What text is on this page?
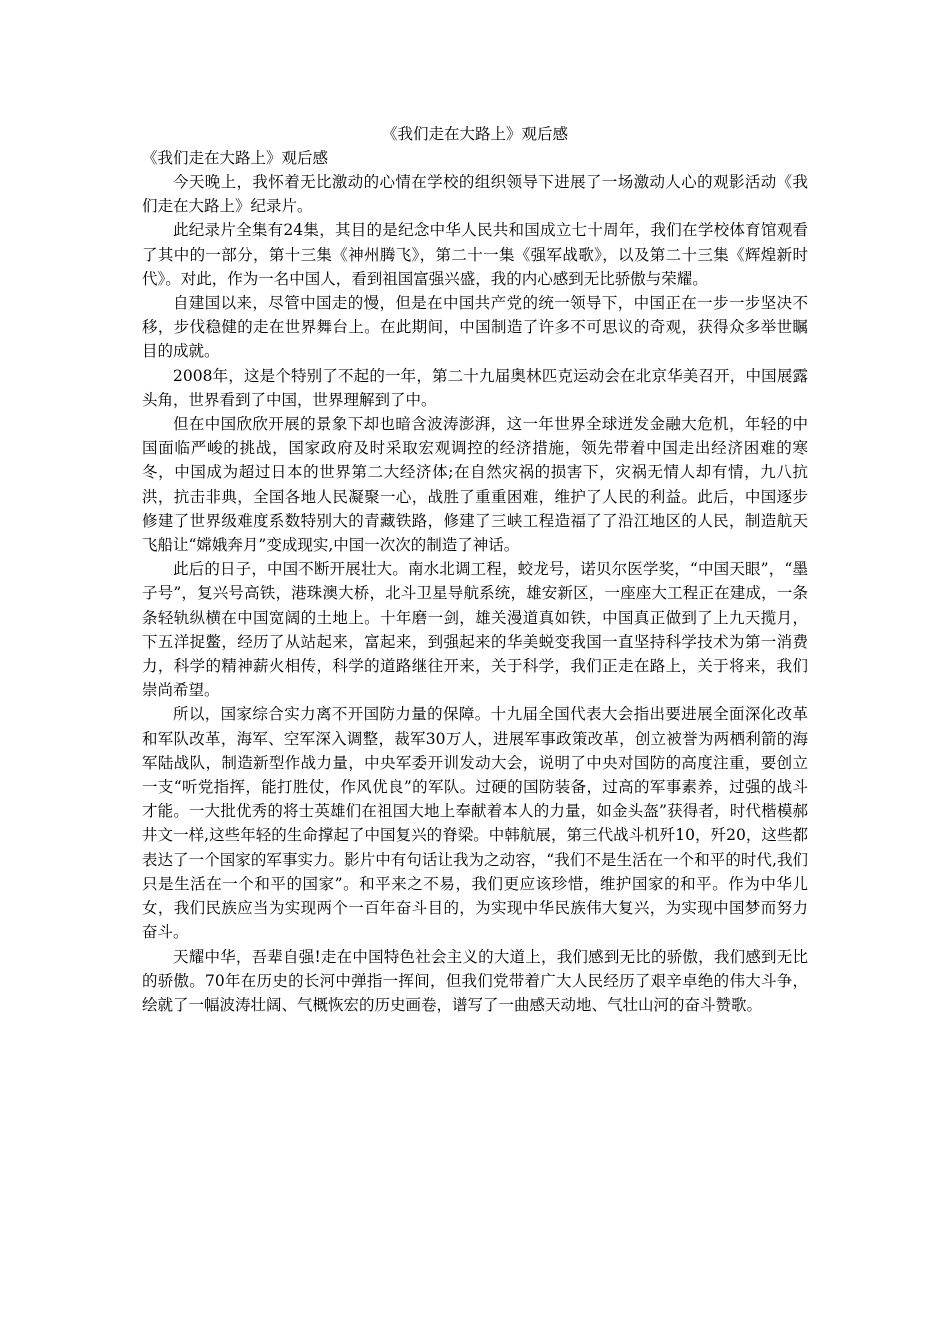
《我们走在大路上》观后感

《我们走在大路上》观后感

今天晚上，我怀着无比激动的心情在学校的组织领导下进展了一场激动人心的观影活动《我们走在大路上》纪录片。

此纪录片全集有24集，其目的是纪念中华人民共和国成立七十周年，我们在学校体育馆观看了其中的一部分，第十三集《神州腾飞》，第二十一集《强军战歌》，以及第二十三集《辉煌新时代》。对此，作为一名中国人，看到祖国富强兴盛，我的内心感到无比骄傲与荣耀。

自建国以来，尽管中国走的慢，但是在中国共产党的统一领导下，中国正在一步一步坚决不移，步伐稳健的走在世界舞台上。在此期间，中国制造了许多不可思议的奇观，获得众多举世瞩目的成就。

2008年，这是个特别了不起的一年，第二十九届奥林匹克运动会在北京华美召开，中国展露头角，世界看到了中国，世界理解到了中。

但在中国欣欣开展的景象下却也暗含波涛澎湃，这一年世界全球迸发金融大危机，年轻的中国面临严峻的挑战，国家政府及时采取宏观调控的经济措施，领先带着中国走出经济困难的寒冬，中国成为超过日本的世界第二大经济体;在自然灾祸的损害下，灾祸无情人却有情，九八抗洪，抗击非典，全国各地人民凝聚一心，战胜了重重困难，维护了人民的利益。此后，中国逐步修建了世界级难度系数特别大的青藏铁路，修建了三峡工程造福了了沿江地区的人民，制造航天飞船让“嫦娥奔月”变成现实,中国一次次的制造了神话。

此后的日子，中国不断开展壮大。南水北调工程，蛟龙号，诺贝尔医学奖，“中国天眼”，“墨子号”，复兴号高铁，港珠澳大桥，北斗卫星导航系统，雄安新区，一座座大工程正在建成，一条条轻轨纵横在中国宽阔的土地上。十年磨一剑，雄关漫道真如铁，中国真正做到了上九天揽月，下五洋捉鳖，经历了从站起来，富起来，到强起来的华美蜕变我国一直坚持科学技术为第一消费力，科学的精神薪火相传，科学的道路继往开来，关于科学，我们正走在路上，关于将来，我们崇尚希望。

所以，国家综合实力离不开国防力量的保障。十九届全国代表大会指出要进展全面深化改革和军队改革，海军、空军深入调整，裁军30万人，进展军事政策改革，创立被誉为两栖利箭的海军陆战队，制造新型作战力量，中央军委开训发动大会，说明了中央对国防的高度注重，要创立一支“听党指挥，能打胜仗，作风优良”的军队。过硬的国防装备，过高的军事素养，过强的战斗才能。一大批优秀的将士英雄们在祖国大地上奉献着本人的力量，如金头盔”获得者，时代楷模郝井文一样,这些年轻的生命撑起了中国复兴的脊梁。中韩航展，第三代战斗机歼10，歼20，这些都表达了一个国家的军事实力。影片中有句话让我为之动容，“我们不是生活在一个和平的时代,我们只是生活在一个和平的国家”。和平来之不易，我们更应该珍惜，维护国家的和平。作为中华儿女，我们民族应当为实现两个一百年奋斗目的，为实现中华民族伟大复兴，为实现中国梦而努力奋斗。

天耀中华，吾辈自强!走在中国特色社会主义的大道上，我们感到无比的骄傲，我们感到无比的骄傲。70年在历史的长河中弹指一挥间，但我们党带着广大人民经历了艰辛卓绝的伟大斗争，绘就了一幅波涛壮阔、气概恢宏的历史画卷，谱写了一曲感天动地、气壮山河的奋斗赞歌。
